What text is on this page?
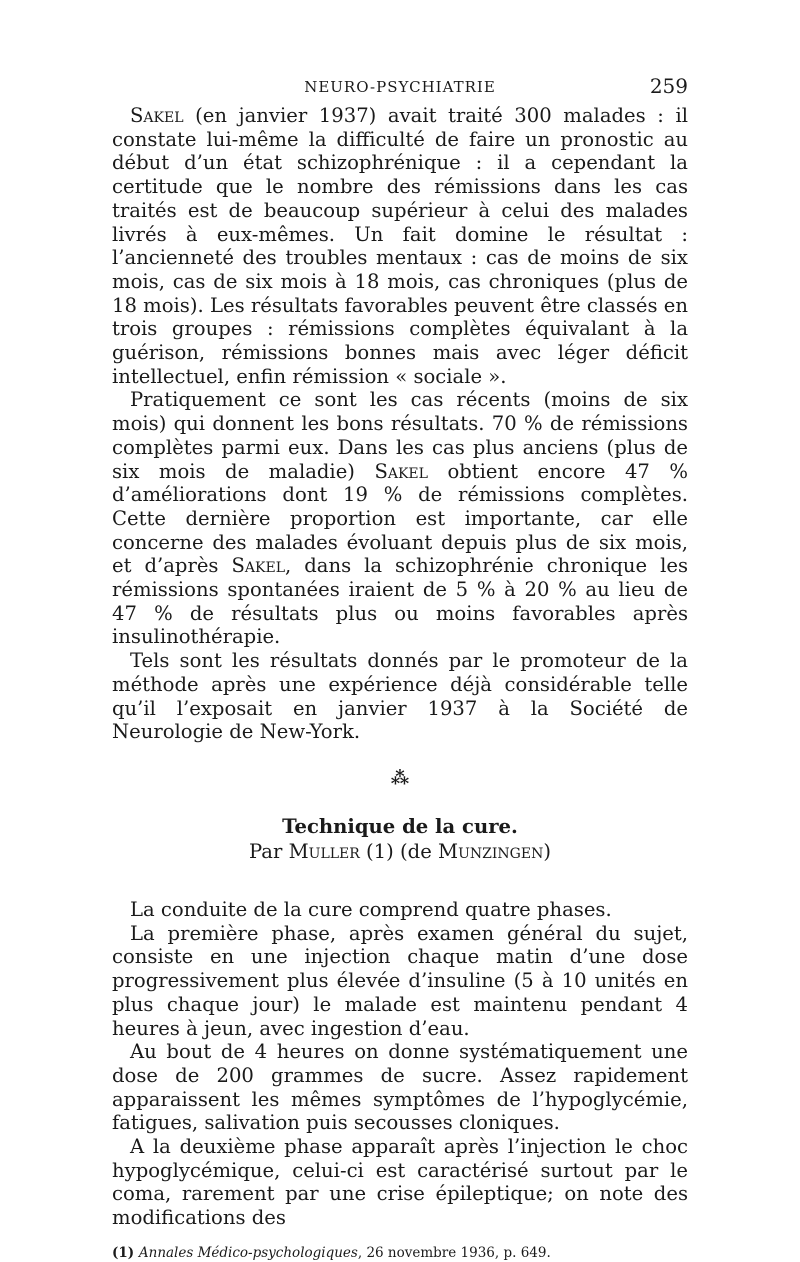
NEURO-PSYCHIATRIE	259

Sakel (en janvier 1937) avait traité 300 malades : il constate lui-même la difficulté de faire un pronostic au début d’un état schizophrénique : il a cependant la certitude que le nombre des rémissions dans les cas traités est de beaucoup supérieur à celui des malades livrés à eux-mêmes. Un fait domine le résultat : l’ancienneté des troubles mentaux : cas de moins de six mois, cas de six mois à 18 mois, cas chroniques (plus de 18 mois). Les résultats favorables peuvent être classés en trois groupes : rémissions complètes équivalant à la guérison, rémissions bonnes mais avec léger déficit intellectuel, enfin rémission « sociale ».

Pratiquement ce sont les cas récents (moins de six mois) qui donnent les bons résultats. 70 % de rémissions complètes parmi eux. Dans les cas plus anciens (plus de six mois de maladie) Sakel obtient encore 47 % d’améliorations dont 19 % de rémissions complètes. Cette dernière proportion est importante, car elle concerne des malades évoluant depuis plus de six mois, et d’après Sakel, dans la schizophrénie chronique les rémissions spontanées iraient de 5 % à 20 % au lieu de 47 % de résultats plus ou moins favorables après insulinothérapie.

Tels sont les résultats donnés par le promoteur de la méthode après une expérience déjà considérable telle qu’il l’exposait en janvier 1937 à la Société de Neurologie de New-York.

⁂
Technique de la cure.
Par Muller (1) (de Munzingen)

La conduite de la cure comprend quatre phases.

La première phase, après examen général du sujet, consiste en une injection chaque matin d’une dose progressivement plus élevée d’insuline (5 à 10 unités en plus chaque jour) le malade est maintenu pendant 4 heures à jeun, avec ingestion d’eau.

Au bout de 4 heures on donne systématiquement une dose de 200 grammes de sucre. Assez rapidement apparaissent les mêmes symptômes de l’hypoglycémie, fatigues, salivation puis secousses cloniques.

A la deuxième phase apparaît après l’injection le choc hypoglycémique, celui-ci est caractérisé surtout par le coma, rarement par une crise épileptique; on note des modifications des

(1) Annales Médico-psychologiques, 26 novembre 1936, p. 649.
